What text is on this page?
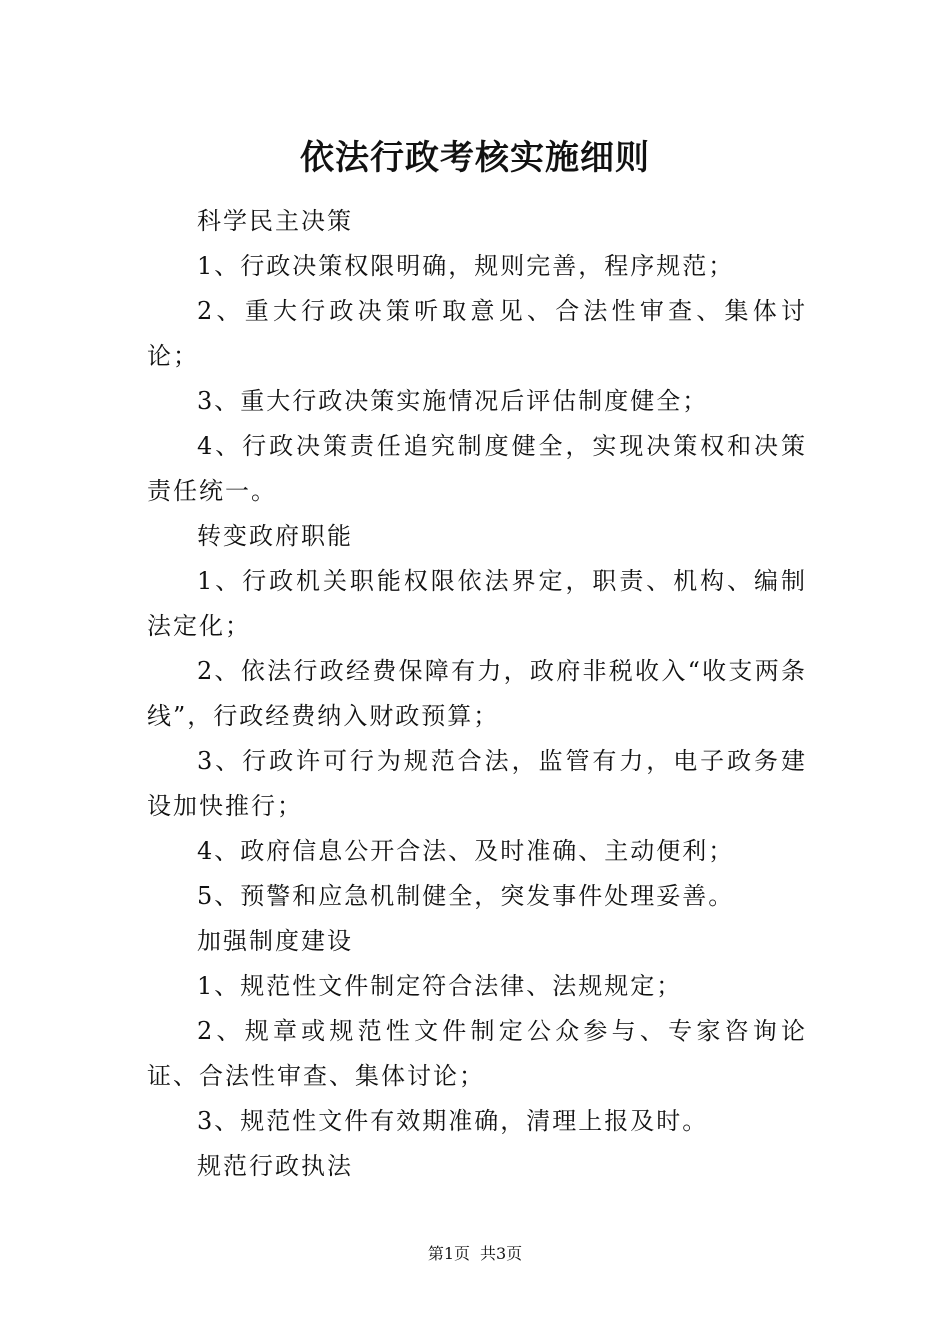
依法行政考核实施细则

科学民主决策

1、行政决策权限明确，规则完善，程序规范；

2、重大行政决策听取意见、合法性审查、集体讨论；

3、重大行政决策实施情况后评估制度健全；

4、行政决策责任追究制度健全，实现决策权和决策责任统一。

转变政府职能

1、行政机关职能权限依法界定，职责、机构、编制法定化；

2、依法行政经费保障有力，政府非税收入“收支两条线”，行政经费纳入财政预算；

3、行政许可行为规范合法，监管有力，电子政务建设加快推行；

4、政府信息公开合法、及时准确、主动便利；

5、预警和应急机制健全，突发事件处理妥善。

加强制度建设

1、规范性文件制定符合法律、法规规定；

2、规章或规范性文件制定公众参与、专家咨询论证、合法性审查、集体讨论；

3、规范性文件有效期准确，清理上报及时。

规范行政执法

第1页 共3页
